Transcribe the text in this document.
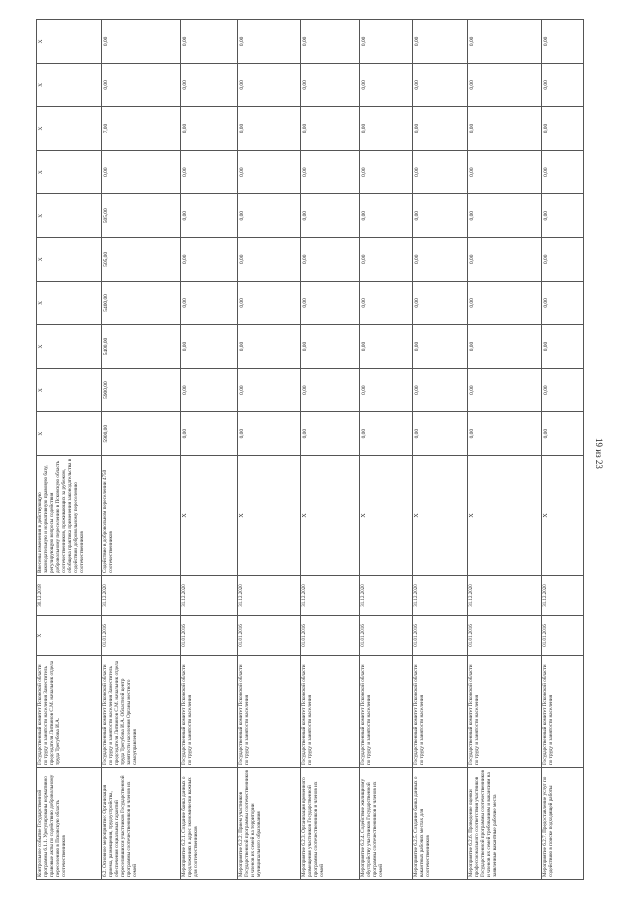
Контрольное событие Государственной программы 6.1.1. Урегулированы нормативно правовые акты по содействию добровольному переселению в Псковскую область соотечественников	Государственный комитет Псковской области по труду и занятости населения Заместитель председателя Литвинов С.М. начальник отдела труда Трегубова И.А.	X	30.12.2018	Внесены изменения в действующую законодательную и нормативную правовую базу, регулирующую вопросы содействия добровольному переселению в Псковскую область соотечественников, проживающих за рубежом, обобщена практика применения законодательства в содействии добровольному переселению соотечественников	X	X	X	X	X	X	X	X	X	X
6.2. Основное мероприятие: Организация приема, размещения, трудоустройства, обеспечения социальных гарантий переселившихся участников Государственной программы соотечественников и членов их семей	Государственный комитет Псковской области по труду и занятости населения Заместитель председателя Литвинов С.М. начальник отдела труда Трегубова И.А. Областной центр занятости населения Органы местного самоуправления	01.01.2016	31.12.2020	Содействие в добровольном переселении 4750 соотечественников	5900,00	5900,00	5400,00	5400,00	505,00	505,00	0,00	7,00	0,00	0,00
Мероприятие 6.2.1. Создание банка данных о предложениях в адрес экономически важных для соотечественников	Государственный комитет Псковской области по труду и занятости населения	01.01.2016	31.12.2020	X	0,00	0,00	0,00	0,00	0,00	0,00	0,00	0,00	0,00	0,00
Мероприятие 6.2.2. Прием участников Государственной программы соотечественников и членов их семей на территории муниципального образования	Государственный комитет Псковской области по труду и занятости населения	01.01.2016	31.12.2020	X	0,00	0,00	0,00	0,00	0,00	0,00	0,00	0,00	0,00	0,00
Мероприятие 6.2.3. Организация временного размещения участников Государственной программы соотечественников и членов их семей	Государственный комитет Псковской области по труду и занятости населения	01.01.2016	31.12.2020	X	0,00	0,00	0,00	0,00	0,00	0,00	0,00	0,00	0,00	0,00
Мероприятие 6.2.4. Содействие жилищному обустройству участников Государственной программы соотечественников и членов их семей	Государственный комитет Псковской области по труду и занятости населения	01.01.2016	31.12.2020	X	0,00	0,00	0,00	0,00	0,00	0,00	0,00	0,00	0,00	0,00
Мероприятие 6.2.5. Создание банка данных о вакантных рабочих местах для соотечественников	Государственный комитет Псковской области по труду и занятости населения	01.01.2016	31.12.2020	X	0,00	0,00	0,00	0,00	0,00	0,00	0,00	0,00	0,00	0,00
Мероприятие 6.2.6. Проведение оценки профессионального соответствия участников Государственной программы соотечественников и членов их семей требованиям и вакансиям на заявленные вакантные рабочие места	Государственный комитет Псковской области по труду и занятости населения	01.01.2016	31.12.2020	X	0,00	0,00	0,00	0,00	0,00	0,00	0,00	0,00	0,00	0,00
Мероприятие 6.2.7. Предоставление услуг по содействию в поиске подходящей работы	Государственный комитет Псковской области по труду и занятости населения	01.01.2016	31.12.2020	X	0,00	0,00	0,00	0,00	0,00	0,00	0,00	0,00	0,00	0,00
19 из 23
